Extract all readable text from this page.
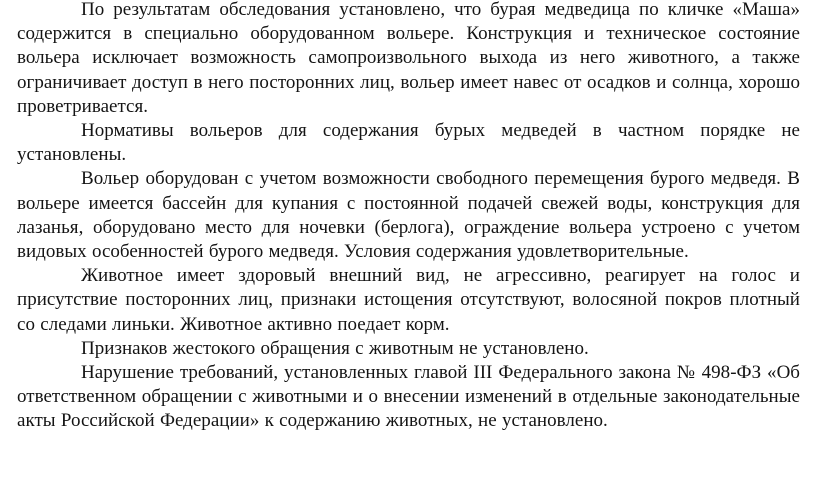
По результатам обследования установлено, что бурая медведица по кличке «Маша» содержится в специально оборудованном вольере. Конструкция и техническое состояние вольера исключает возможность самопроизвольного выхода из него животного, а также ограничивает доступ в него посторонних лиц, вольер имеет навес от осадков и солнца, хорошо проветривается.

Нормативы вольеров для содержания бурых медведей в частном порядке не установлены.

Вольер оборудован с учетом возможности свободного перемещения бурого медведя. В вольере имеется бассейн для купания с постоянной подачей свежей воды, конструкция для лазанья, оборудовано место для ночевки (берлога), ограждение вольера устроено с учетом видовых особенностей бурого медведя. Условия содержания удовлетворительные.

Животное имеет здоровый внешний вид, не агрессивно, реагирует на голос и присутствие посторонних лиц, признаки истощения отсутствуют, волосяной покров плотный со следами линьки. Животное активно поедает корм.

Признаков жестокого обращения с животным не установлено.

Нарушение требований, установленных главой III Федерального закона № 498-ФЗ «Об ответственном обращении с животными и о внесении изменений в отдельные законодательные акты Российской Федерации» к содержанию животных, не установлено.
